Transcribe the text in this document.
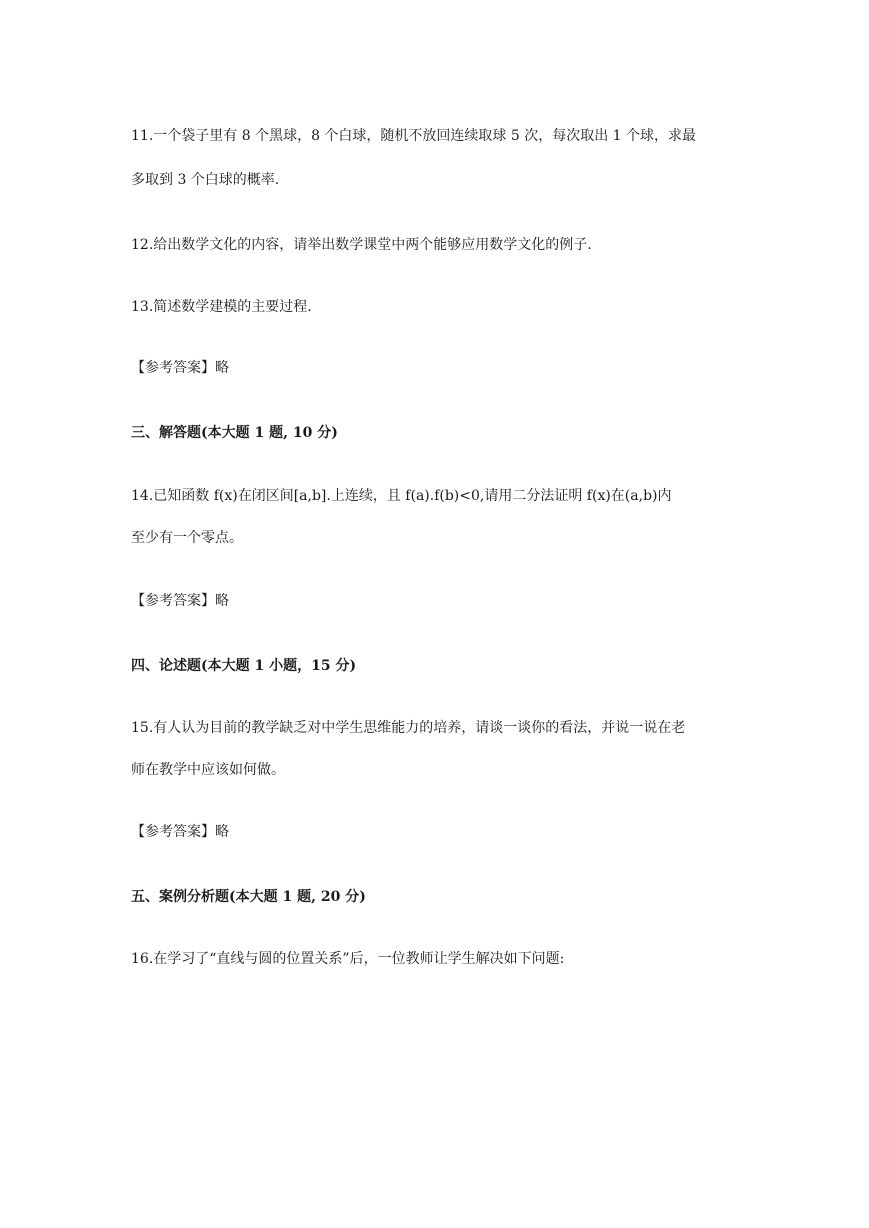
11.一个袋子里有 8 个黑球，8 个白球，随机不放回连续取球 5 次，每次取出 1 个球，求最
多取到 3 个白球的概率.
12.给出数学文化的内容，请举出数学课堂中两个能够应用数学文化的例子.
13.简述数学建模的主要过程.
【参考答案】略
三、解答题(本大题 1 题, 10 分)
14.已知函数 f(x)在闭区间[a,b].上连续，且 f(a).f(b)<0,请用二分法证明 f(x)在(a,b)内
至少有一个零点。
【参考答案】略
四、论述题(本大题 1 小题，15 分)
15.有人认为目前的教学缺乏对中学生思维能力的培养，请谈一谈你的看法，并说一说在老
师在教学中应该如何做。
【参考答案】略
五、案例分析题(本大题 1 题, 20 分)
16.在学习了“直线与圆的位置关系”后，一位教师让学生解决如下问题:
